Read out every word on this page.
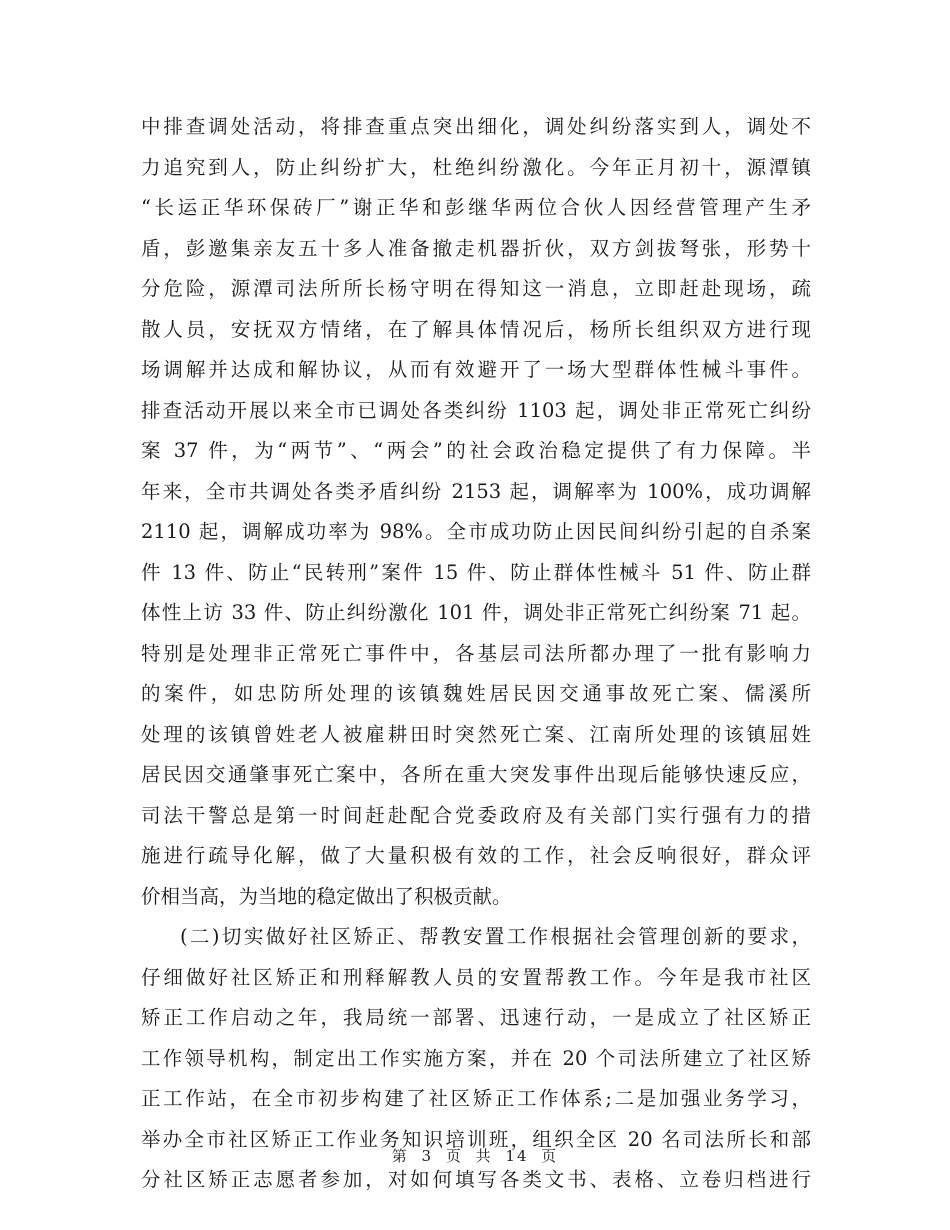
中排查调处活动，将排查重点突出细化，调处纠纷落实到人，调处不
力追究到人，防止纠纷扩大，杜绝纠纷激化。今年正月初十，源潭镇
“长运正华环保砖厂”谢正华和彭继华两位合伙人因经营管理产生矛
盾，彭邀集亲友五十多人准备撤走机器折伙，双方剑拔弩张，形势十
分危险，源潭司法所所长杨守明在得知这一消息，立即赶赴现场，疏
散人员，安抚双方情绪，在了解具体情况后，杨所长组织双方进行现
场调解并达成和解协议，从而有效避开了一场大型群体性械斗事件。
排查活动开展以来全市已调处各类纠纷 1103 起，调处非正常死亡纠纷
案 37 件，为“两节”、“两会”的社会政治稳定提供了有力保障。半
年来，全市共调处各类矛盾纠纷 2153 起，调解率为 100%，成功调解
2110 起，调解成功率为 98%。全市成功防止因民间纠纷引起的自杀案
件 13 件、防止“民转刑”案件 15 件、防止群体性械斗 51 件、防止群
体性上访 33 件、防止纠纷激化 101 件，调处非正常死亡纠纷案 71 起。
特别是处理非正常死亡事件中，各基层司法所都办理了一批有影响力
的案件，如忠防所处理的该镇魏姓居民因交通事故死亡案、儒溪所
处理的该镇曾姓老人被雇耕田时突然死亡案、江南所处理的该镇屈姓
居民因交通肇事死亡案中，各所在重大突发事件出现后能够快速反应，
司法干警总是第一时间赶赴配合党委政府及有关部门实行强有力的措
施进行疏导化解，做了大量积极有效的工作，社会反响很好，群众评
价相当高，为当地的稳定做出了积极贡献。
(二)切实做好社区矫正、帮教安置工作根据社会管理创新的要求，
仔细做好社区矫正和刑释解教人员的安置帮教工作。今年是我市社区
矫正工作启动之年，我局统一部署、迅速行动，一是成立了社区矫正
工作领导机构，制定出工作实施方案，并在 20 个司法所建立了社区矫
正工作站，在全市初步构建了社区矫正工作体系;二是加强业务学习，
举办全市社区矫正工作业务知识培训班，组织全区 20 名司法所长和部
分社区矫正志愿者参加，对如何填写各类文书、表格、立卷归档进行
第 3 页 共 14 页
